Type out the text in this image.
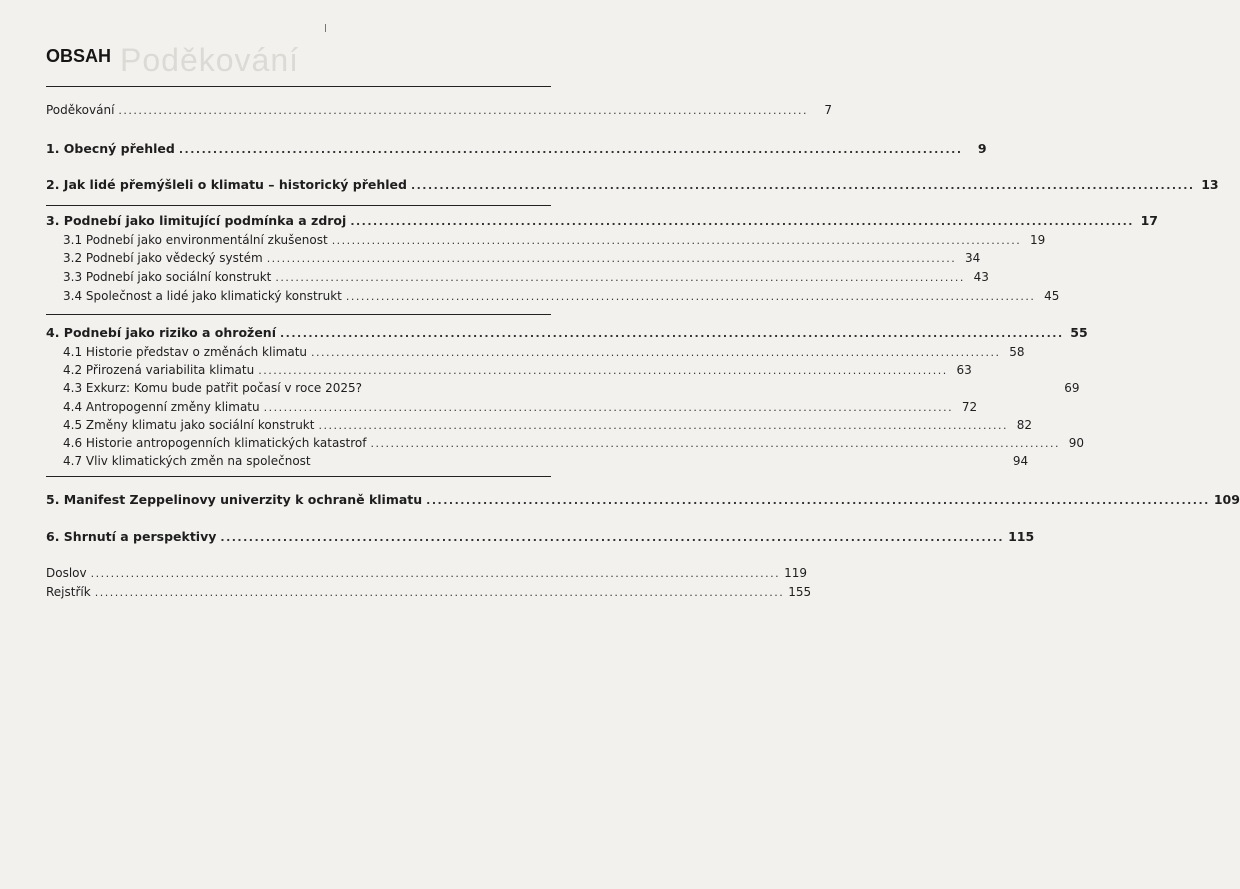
Poděkování
OBSAH
Poděkování ..........................................................................................................................................	7
1. Obecný přehled ..........................................................................................................................................	9
2. Jak lidé přemýšleli o klimatu – historický přehled .......................................................................................................................................... 13
3. Podnebí jako limitující podmínka a zdroj .......................................................................................................................................... 17
3.1 Podnebí jako environmentální zkušenost .......................................................................................................................................... 19
3.2 Podnebí jako vědecký systém .......................................................................................................................................... 34
3.3 Podnebí jako sociální konstrukt .......................................................................................................................................... 43
3.4 Společnost a lidé jako klimatický konstrukt .......................................................................................................................................... 45
4. Podnebí jako riziko a ohrožení .......................................................................................................................................... 55
4.1 Historie představ o změnách klimatu .......................................................................................................................................... 58
4.2 Přirozená variabilita klimatu .......................................................................................................................................... 63
4.3 Exkurz: Komu bude patřit počasí v roce 2025?	69
4.4 Antropogenní změny klimatu .......................................................................................................................................... 72
4.5 Změny klimatu jako sociální konstrukt .......................................................................................................................................... 82
4.6 Historie antropogenních klimatických katastrof .......................................................................................................................................... 90
4.7 Vliv klimatických změn na společnost	94
5. Manifest Zeppelinovy univerzity k ochraně klimatu .......................................................................................................................................... 109
6. Shrnutí a perspektivy .......................................................................................................................................... 115
Doslov .......................................................................................................................................... 119
Rejstřík .......................................................................................................................................... 155
